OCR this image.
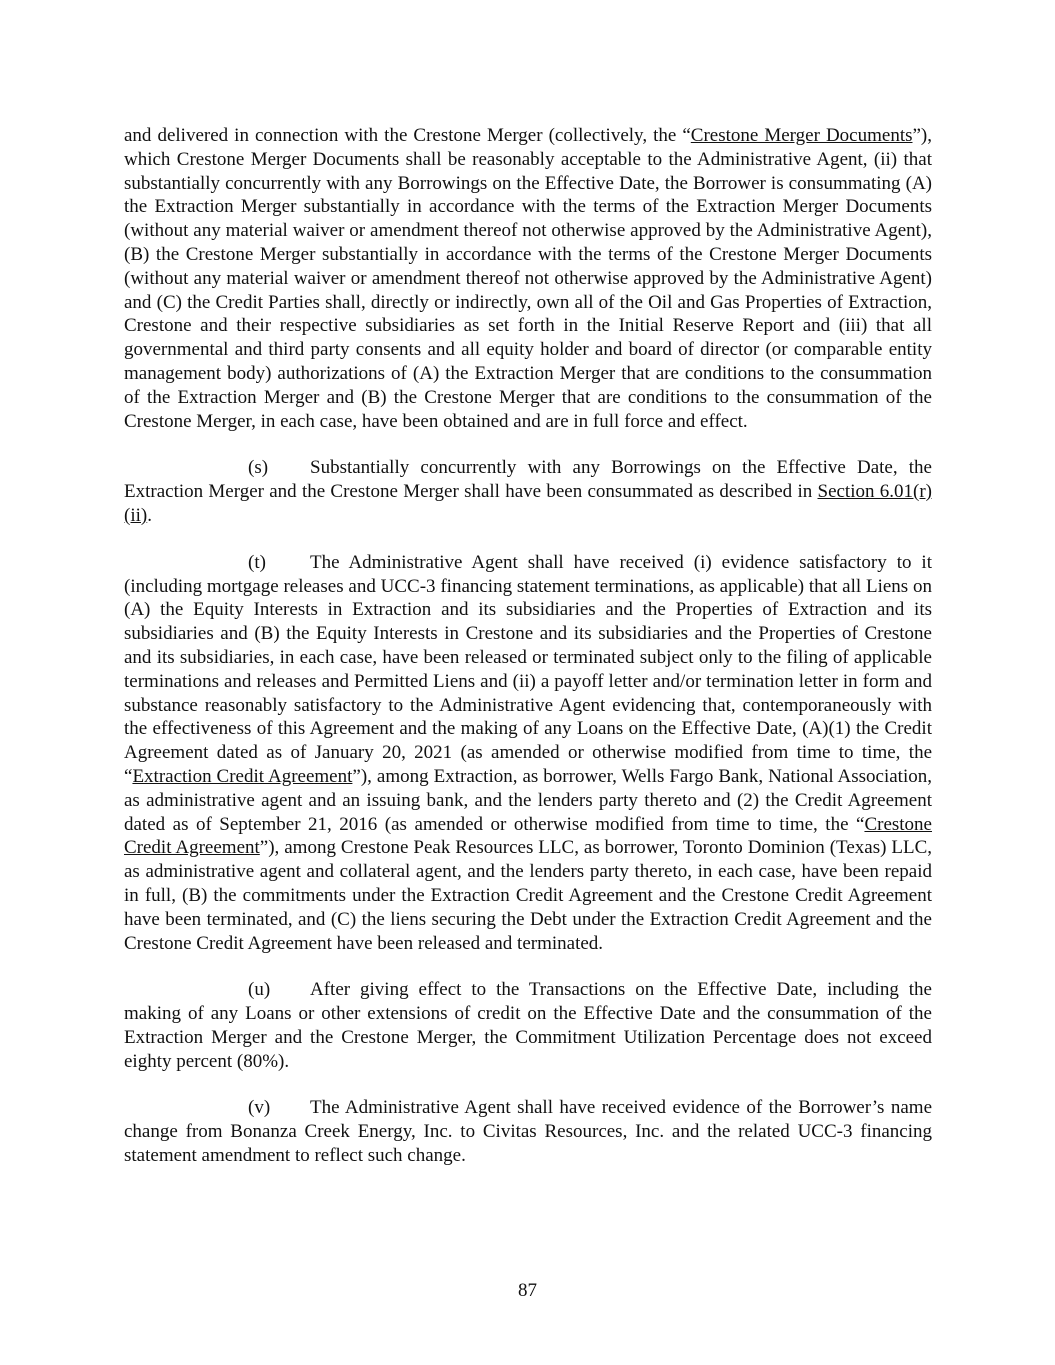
and delivered in connection with the Crestone Merger (collectively, the “Crestone Merger Documents”), which Crestone Merger Documents shall be reasonably acceptable to the Administrative Agent, (ii) that substantially concurrently with any Borrowings on the Effective Date, the Borrower is consummating (A) the Extraction Merger substantially in accordance with the terms of the Extraction Merger Documents (without any material waiver or amendment thereof not otherwise approved by the Administrative Agent), (B) the Crestone Merger substantially in accordance with the terms of the Crestone Merger Documents (without any material waiver or amendment thereof not otherwise approved by the Administrative Agent) and (C) the Credit Parties shall, directly or indirectly, own all of the Oil and Gas Properties of Extraction, Crestone and their respective subsidiaries as set forth in the Initial Reserve Report and (iii) that all governmental and third party consents and all equity holder and board of director (or comparable entity management body) authorizations of (A) the Extraction Merger that are conditions to the consummation of the Extraction Merger and (B) the Crestone Merger that are conditions to the consummation of the Crestone Merger, in each case, have been obtained and are in full force and effect.

(s) Substantially concurrently with any Borrowings on the Effective Date, the Extraction Merger and the Crestone Merger shall have been consummated as described in Section 6.01(r)(ii).

(t) The Administrative Agent shall have received (i) evidence satisfactory to it (including mortgage releases and UCC-3 financing statement terminations, as applicable) that all Liens on (A) the Equity Interests in Extraction and its subsidiaries and the Properties of Extraction and its subsidiaries and (B) the Equity Interests in Crestone and its subsidiaries and the Properties of Crestone and its subsidiaries, in each case, have been released or terminated subject only to the filing of applicable terminations and releases and Permitted Liens and (ii) a payoff letter and/or termination letter in form and substance reasonably satisfactory to the Administrative Agent evidencing that, contemporaneously with the effectiveness of this Agreement and the making of any Loans on the Effective Date, (A)(1) the Credit Agreement dated as of January 20, 2021 (as amended or otherwise modified from time to time, the “Extraction Credit Agreement”), among Extraction, as borrower, Wells Fargo Bank, National Association, as administrative agent and an issuing bank, and the lenders party thereto and (2) the Credit Agreement dated as of September 21, 2016 (as amended or otherwise modified from time to time, the “Crestone Credit Agreement”), among Crestone Peak Resources LLC, as borrower, Toronto Dominion (Texas) LLC, as administrative agent and collateral agent, and the lenders party thereto, in each case, have been repaid in full, (B) the commitments under the Extraction Credit Agreement and the Crestone Credit Agreement have been terminated, and (C) the liens securing the Debt under the Extraction Credit Agreement and the Crestone Credit Agreement have been released and terminated.

(u) After giving effect to the Transactions on the Effective Date, including the making of any Loans or other extensions of credit on the Effective Date and the consummation of the Extraction Merger and the Crestone Merger, the Commitment Utilization Percentage does not exceed eighty percent (80%).

(v) The Administrative Agent shall have received evidence of the Borrower’s name change from Bonanza Creek Energy, Inc. to Civitas Resources, Inc. and the related UCC-3 financing statement amendment to reflect such change.

87
